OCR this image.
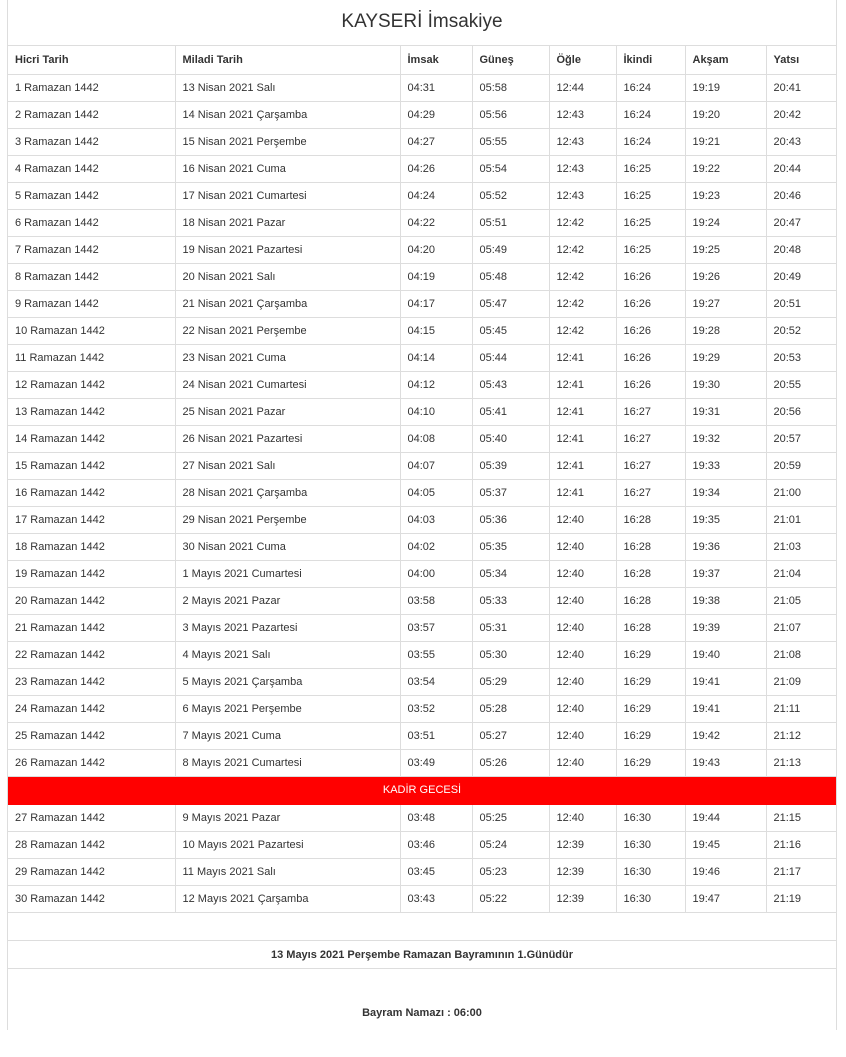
KAYSERİ İmsakiye
Hicri Tarih	Miladi Tarih	İmsak	Güneş	Öğle	İkindi	Akşam	Yatsı
1 Ramazan 1442	13 Nisan 2021 Salı	04:31	05:58	12:44	16:24	19:19	20:41
2 Ramazan 1442	14 Nisan 2021 Çarşamba	04:29	05:56	12:43	16:24	19:20	20:42
3 Ramazan 1442	15 Nisan 2021 Perşembe	04:27	05:55	12:43	16:24	19:21	20:43
4 Ramazan 1442	16 Nisan 2021 Cuma	04:26	05:54	12:43	16:25	19:22	20:44
5 Ramazan 1442	17 Nisan 2021 Cumartesi	04:24	05:52	12:43	16:25	19:23	20:46
6 Ramazan 1442	18 Nisan 2021 Pazar	04:22	05:51	12:42	16:25	19:24	20:47
7 Ramazan 1442	19 Nisan 2021 Pazartesi	04:20	05:49	12:42	16:25	19:25	20:48
8 Ramazan 1442	20 Nisan 2021 Salı	04:19	05:48	12:42	16:26	19:26	20:49
9 Ramazan 1442	21 Nisan 2021 Çarşamba	04:17	05:47	12:42	16:26	19:27	20:51
10 Ramazan 1442	22 Nisan 2021 Perşembe	04:15	05:45	12:42	16:26	19:28	20:52
11 Ramazan 1442	23 Nisan 2021 Cuma	04:14	05:44	12:41	16:26	19:29	20:53
12 Ramazan 1442	24 Nisan 2021 Cumartesi	04:12	05:43	12:41	16:26	19:30	20:55
13 Ramazan 1442	25 Nisan 2021 Pazar	04:10	05:41	12:41	16:27	19:31	20:56
14 Ramazan 1442	26 Nisan 2021 Pazartesi	04:08	05:40	12:41	16:27	19:32	20:57
15 Ramazan 1442	27 Nisan 2021 Salı	04:07	05:39	12:41	16:27	19:33	20:59
16 Ramazan 1442	28 Nisan 2021 Çarşamba	04:05	05:37	12:41	16:27	19:34	21:00
17 Ramazan 1442	29 Nisan 2021 Perşembe	04:03	05:36	12:40	16:28	19:35	21:01
18 Ramazan 1442	30 Nisan 2021 Cuma	04:02	05:35	12:40	16:28	19:36	21:03
19 Ramazan 1442	1 Mayıs 2021 Cumartesi	04:00	05:34	12:40	16:28	19:37	21:04
20 Ramazan 1442	2 Mayıs 2021 Pazar	03:58	05:33	12:40	16:28	19:38	21:05
21 Ramazan 1442	3 Mayıs 2021 Pazartesi	03:57	05:31	12:40	16:28	19:39	21:07
22 Ramazan 1442	4 Mayıs 2021 Salı	03:55	05:30	12:40	16:29	19:40	21:08
23 Ramazan 1442	5 Mayıs 2021 Çarşamba	03:54	05:29	12:40	16:29	19:41	21:09
24 Ramazan 1442	6 Mayıs 2021 Perşembe	03:52	05:28	12:40	16:29	19:41	21:11
25 Ramazan 1442	7 Mayıs 2021 Cuma	03:51	05:27	12:40	16:29	19:42	21:12
26 Ramazan 1442	8 Mayıs 2021 Cumartesi	03:49	05:26	12:40	16:29	19:43	21:13
KADİR GECESİ							
27 Ramazan 1442	9 Mayıs 2021 Pazar	03:48	05:25	12:40	16:30	19:44	21:15
28 Ramazan 1442	10 Mayıs 2021 Pazartesi	03:46	05:24	12:39	16:30	19:45	21:16
29 Ramazan 1442	11 Mayıs 2021 Salı	03:45	05:23	12:39	16:30	19:46	21:17
30 Ramazan 1442	12 Mayıs 2021 Çarşamba	03:43	05:22	12:39	16:30	19:47	21:19
13 Mayıs 2021 Perşembe Ramazan Bayramının 1.Günüdür
Bayram Namazı : 06:00
